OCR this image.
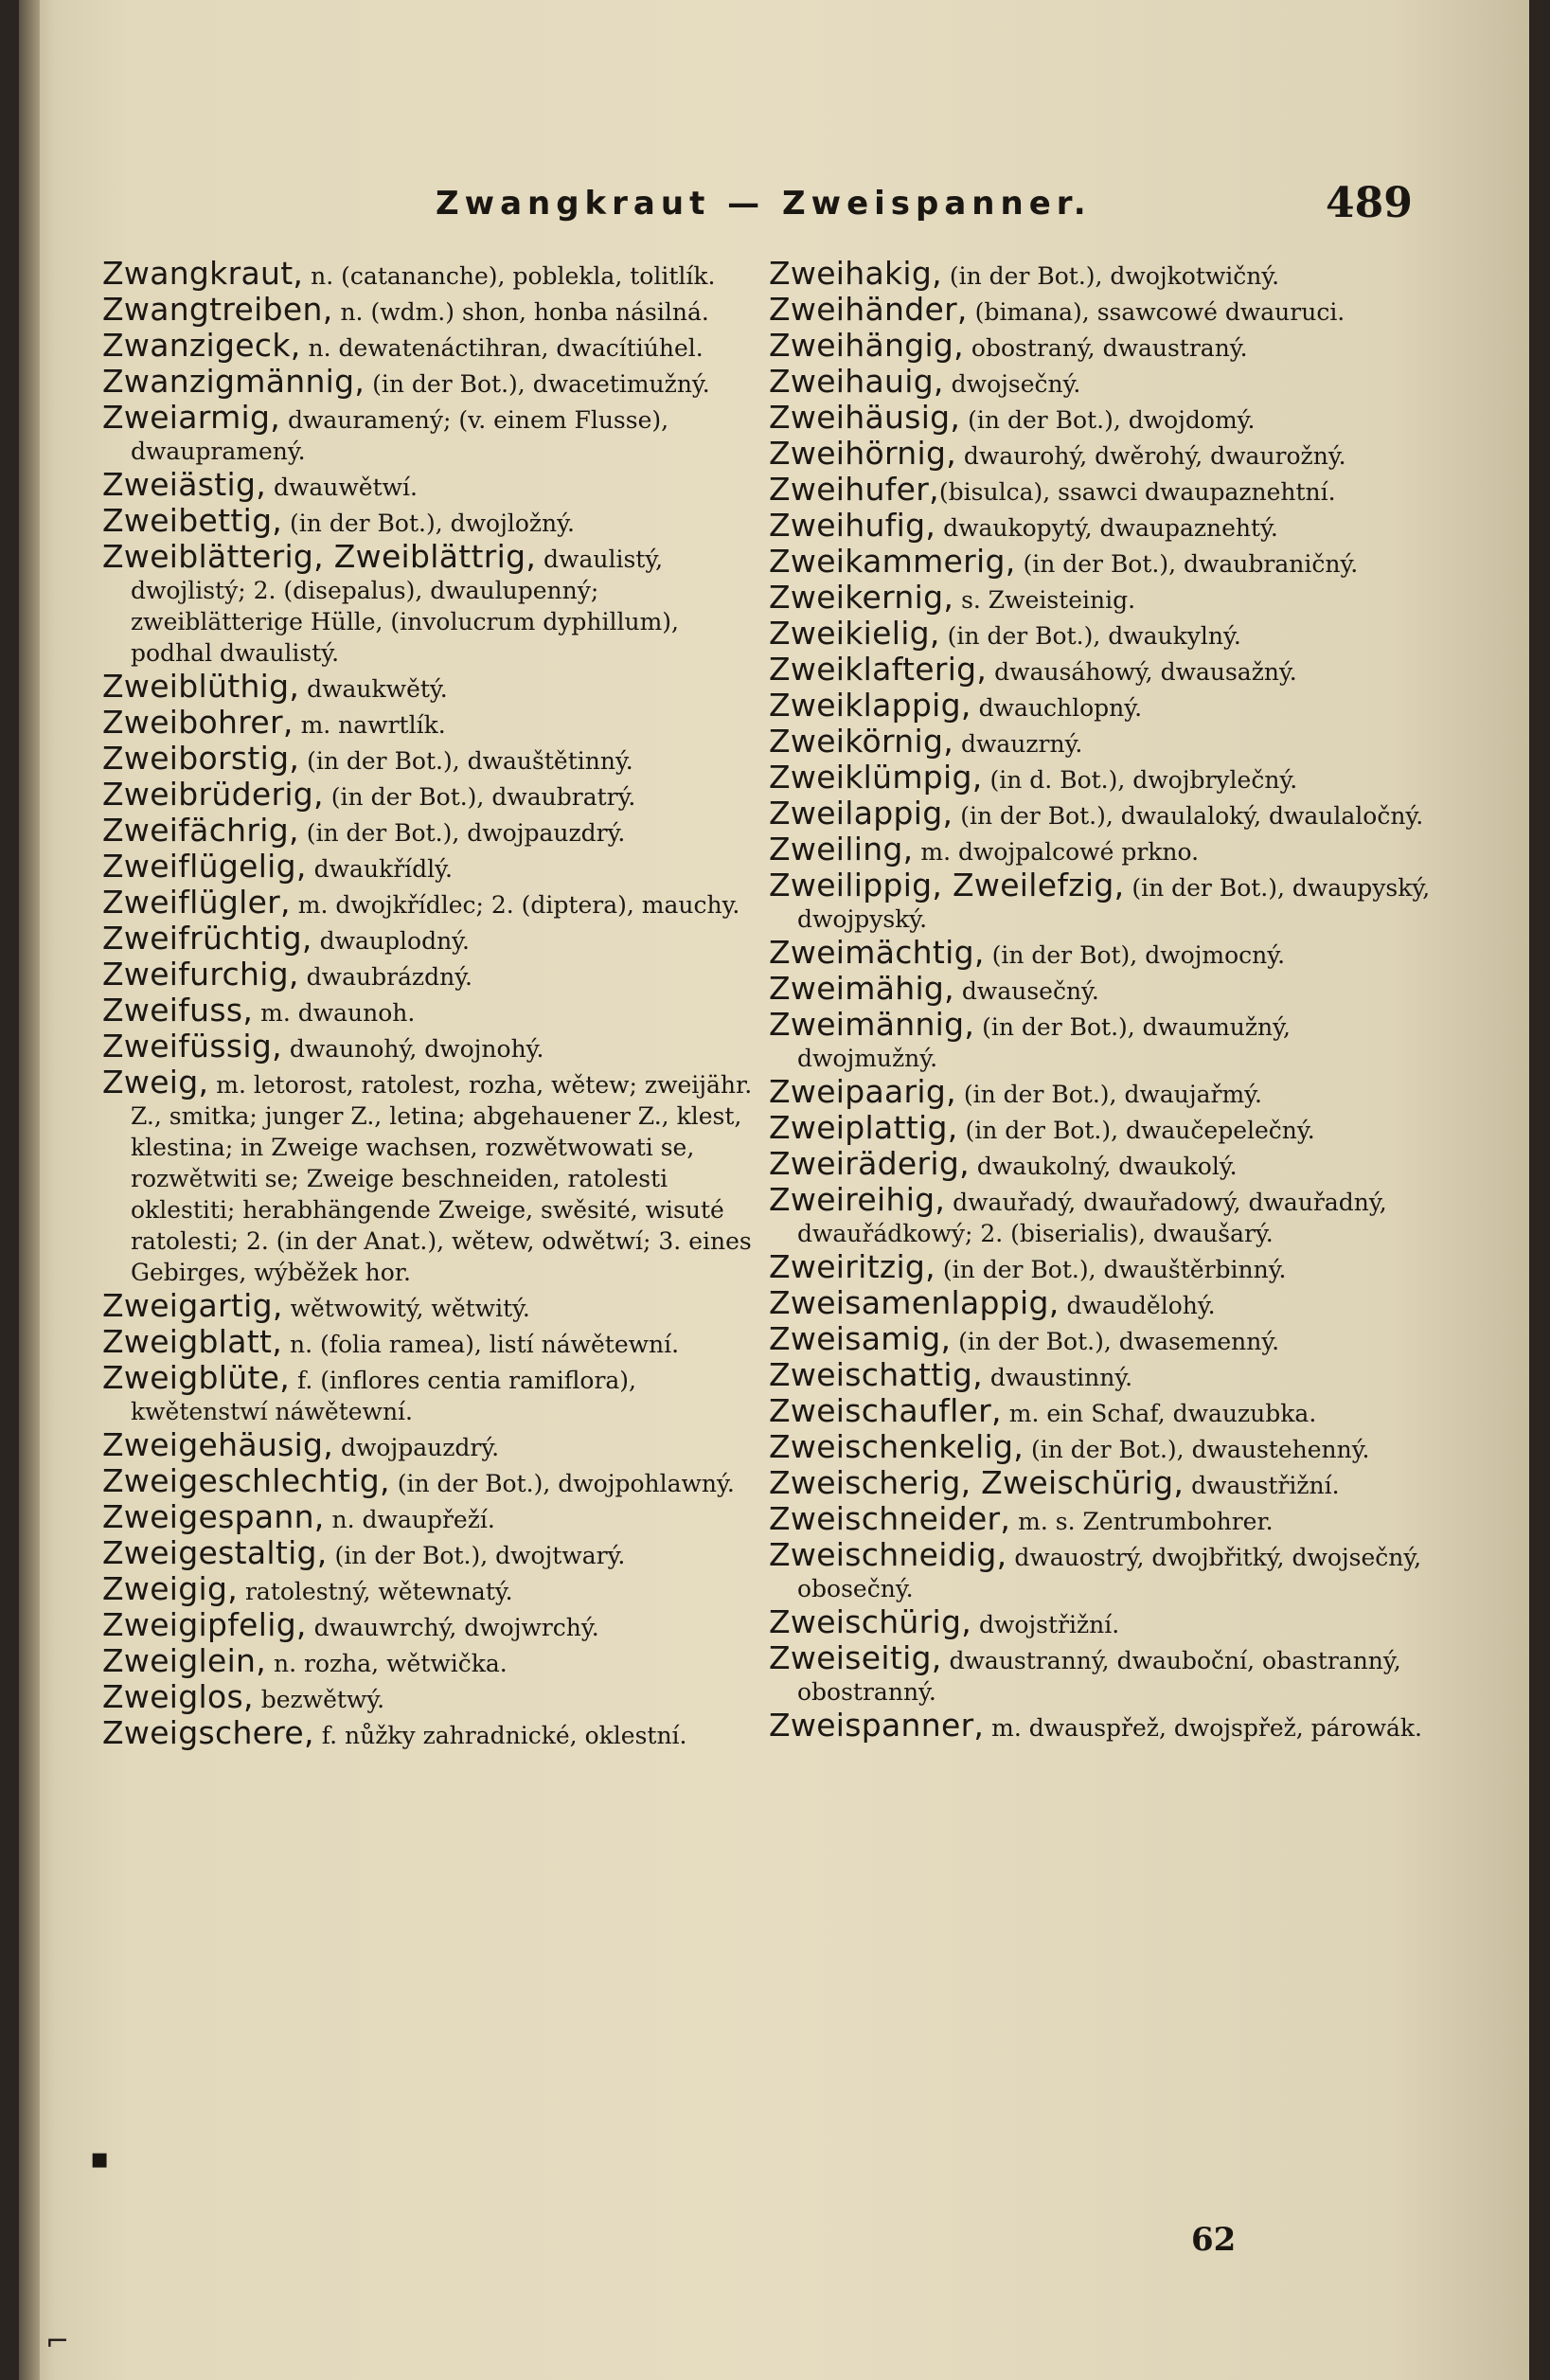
Zwangkraut — Zweispanner.	489
Zwangkraut, n. (catananche), poblekla, tolitlík.
Zwangtreiben, n. (wdm.) shon, honba násilná.
Zwanzigeck, n. dewatenáctihran, dwacítiúhel.
Zwanzigmännig, (in der Bot.), dwacetimužný.
Zweiarmig, dwauramený; (v. einem Flusse), dwaupramený.
Zweiästig, dwauwětwí.
Zweibettig, (in der Bot.), dwojložný.
Zweiblätterig, Zweiblättrig, dwaulistý, dwojlistý; 2. (disepalus), dwaulupenný; zweiblätterige Hülle, (involucrum dyphillum), podhal dwaulistý.
Zweiblüthig, dwaukwětý.
Zweibohrer, m. nawrtlík.
Zweiborstig, (in der Bot.), dwauštětinný.
Zweibrüderig, (in der Bot.), dwaubratrý.
Zweifächrig, (in der Bot.), dwojpauzdrý.
Zweiflügelig, dwaukřídlý.
Zweiflügler, m. dwojkřídlec; 2. (diptera), mauchy.
Zweifrüchtig, dwauplodný.
Zweifurchig, dwaubrázdný.
Zweifuss, m. dwaunoh.
Zweifüssig, dwaunohý, dwojnohý.
Zweig, m. letorost, ratolest, rozha, wětew; zweijähr. Z., smitka; junger Z., letina; abgehauener Z., klest, klestina; in Zweige wachsen, rozwětwowati se, rozwětwiti se; Zweige beschneiden, ratolesti oklestiti; herabhängende Zweige, swěsité, wisuté ratolesti; 2. (in der Anat.), wětew, odwětwí; 3. eines Gebirges, wýběžek hor.
Zweigartig, wětwowitý, wětwitý.
Zweigblatt, n. (folia ramea), listí náwětewní.
Zweigblüte, f. (inflores centia ramiflora), kwětenstwí náwětewní.
Zweigehäusig, dwojpauzdrý.
Zweigeschlechtig, (in der Bot.), dwojpohlawný.
Zweigespann, n. dwaupřeží.
Zweigestaltig, (in der Bot.), dwojtwarý.
Zweigig, ratolestný, wětewnatý.
Zweigipfelig, dwauwrchý, dwojwrchý.
Zweiglein, n. rozha, wětwička.
Zweiglos, bezwětwý.
Zweigschere, f. nůžky zahradnické, oklestní.
Zweihakig, (in der Bot.), dwojkotwičný.
Zweihänder, (bimana), ssawcowé dwauruci.
Zweihängig, obostraný, dwaustraný.
Zweihauig, dwojsečný.
Zweihäusig, (in der Bot.), dwojdomý.
Zweihörnig, dwaurohý, dwěrohý, dwaurožný.
Zweihufer,(bisulca), ssawci dwaupaznehtní.
Zweihufig, dwaukopytý, dwaupaznehtý.
Zweikammerig, (in der Bot.), dwaubraničný.
Zweikernig, s. Zweisteinig.
Zweikielig, (in der Bot.), dwaukylný.
Zweiklafterig, dwausáhowý, dwausažný.
Zweiklappig, dwauchlopný.
Zweikörnig, dwauzrný.
Zweiklümpig, (in d. Bot.), dwojbrylečný.
Zweilappig, (in der Bot.), dwaulaloký, dwaulaločný.
Zweiling, m. dwojpalcowé prkno.
Zweilippig, Zweilefzig, (in der Bot.), dwaupyský, dwojpyský.
Zweimächtig, (in der Bot), dwojmocný.
Zweimähig, dwausečný.
Zweimännig, (in der Bot.), dwaumužný, dwojmužný.
Zweipaarig, (in der Bot.), dwaujařmý.
Zweiplattig, (in der Bot.), dwaučepelečný.
Zweiräderig, dwaukolný, dwaukolý.
Zweireihig, dwauřadý, dwauřadowý, dwauřadný, dwauřádkowý; 2. (biserialis), dwaušarý.
Zweiritzig, (in der Bot.), dwauštěrbinný.
Zweisamenlappig, dwaudělohý.
Zweisamig, (in der Bot.), dwasemenný.
Zweischattig, dwaustinný.
Zweischaufler, m. ein Schaf, dwauzubka.
Zweischenkelig, (in der Bot.), dwaustehenný.
Zweischerig, Zweischürig, dwaustřižní.
Zweischneider, m. s. Zentrumbohrer.
Zweischneidig, dwauostrý, dwojbřitký, dwojsečný, obosečný.
Zweischürig, dwojstřižní.
Zweiseitig, dwaustranný, dwauboční, obastranný, obostranný.
Zweispanner, m. dwauspřež, dwojspřež, párowák.
62
▪
⌐
